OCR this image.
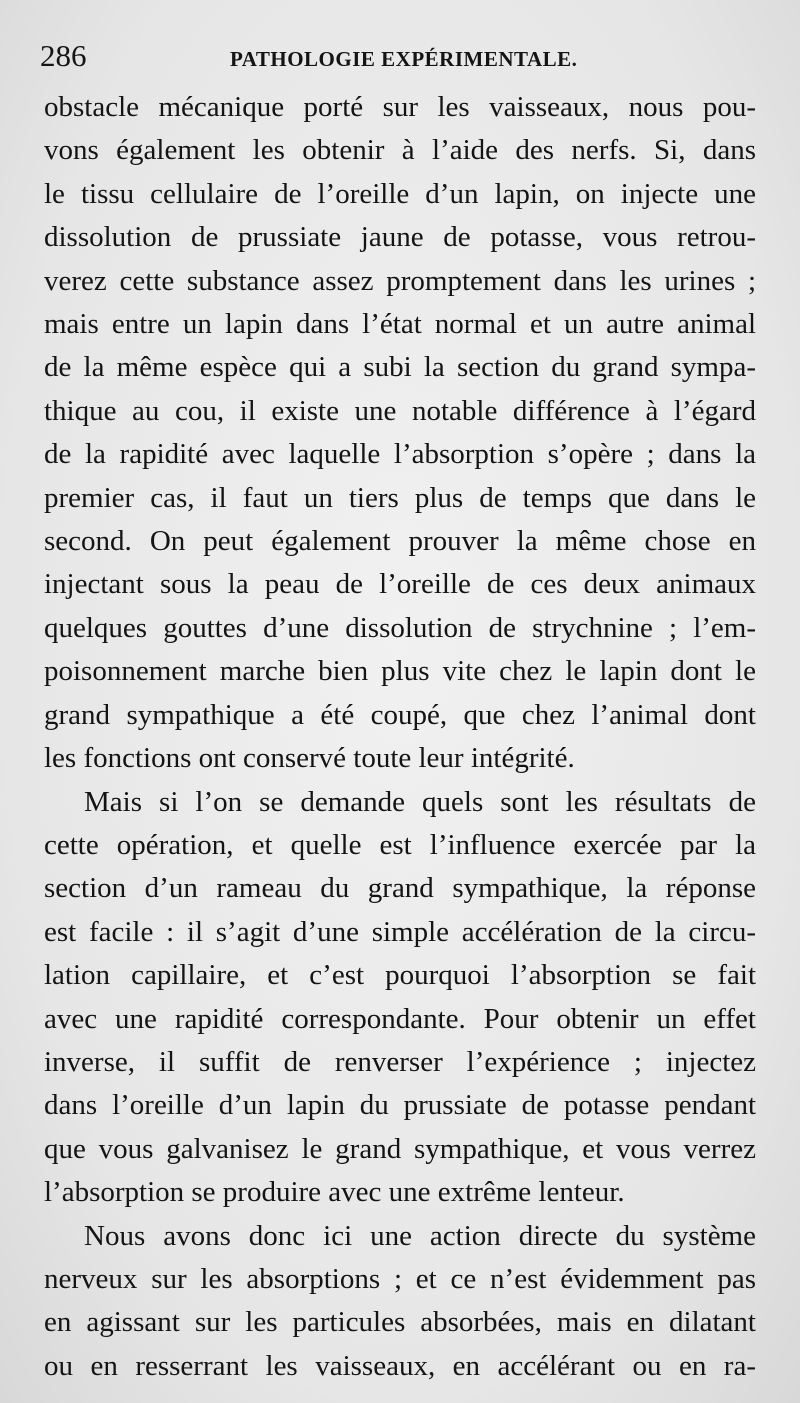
286	PATHOLOGIE EXPÉRIMENTALE.

obstacle mécanique porté sur les vaisseaux, nous pou-
vons également les obtenir à l’aide des nerfs. Si, dans
le tissu cellulaire de l’oreille d’un lapin, on injecte une
dissolution de prussiate jaune de potasse, vous retrou-
verez cette substance assez promptement dans les urines ;
mais entre un lapin dans l’état normal et un autre animal
de la même espèce qui a subi la section du grand sympa-
thique au cou, il existe une notable différence à l’égard
de la rapidité avec laquelle l’absorption s’opère ; dans la
premier cas, il faut un tiers plus de temps que dans le
second. On peut également prouver la même chose en
injectant sous la peau de l’oreille de ces deux animaux
quelques gouttes d’une dissolution de strychnine ; l’em-
poisonnement marche bien plus vite chez le lapin dont le
grand sympathique a été coupé, que chez l’animal dont
les fonctions ont conservé toute leur intégrité.

Mais si l’on se demande quels sont les résultats de
cette opération, et quelle est l’influence exercée par la
section d’un rameau du grand sympathique, la réponse
est facile : il s’agit d’une simple accélération de la circu-
lation capillaire, et c’est pourquoi l’absorption se fait
avec une rapidité correspondante. Pour obtenir un effet
inverse, il suffit de renverser l’expérience ; injectez
dans l’oreille d’un lapin du prussiate de potasse pendant
que vous galvanisez le grand sympathique, et vous verrez
l’absorption se produire avec une extrême lenteur.

Nous avons donc ici une action directe du système
nerveux sur les absorptions ; et ce n’est évidemment pas
en agissant sur les particules absorbées, mais en dilatant
ou en resserrant les vaisseaux, en accélérant ou en ra-
